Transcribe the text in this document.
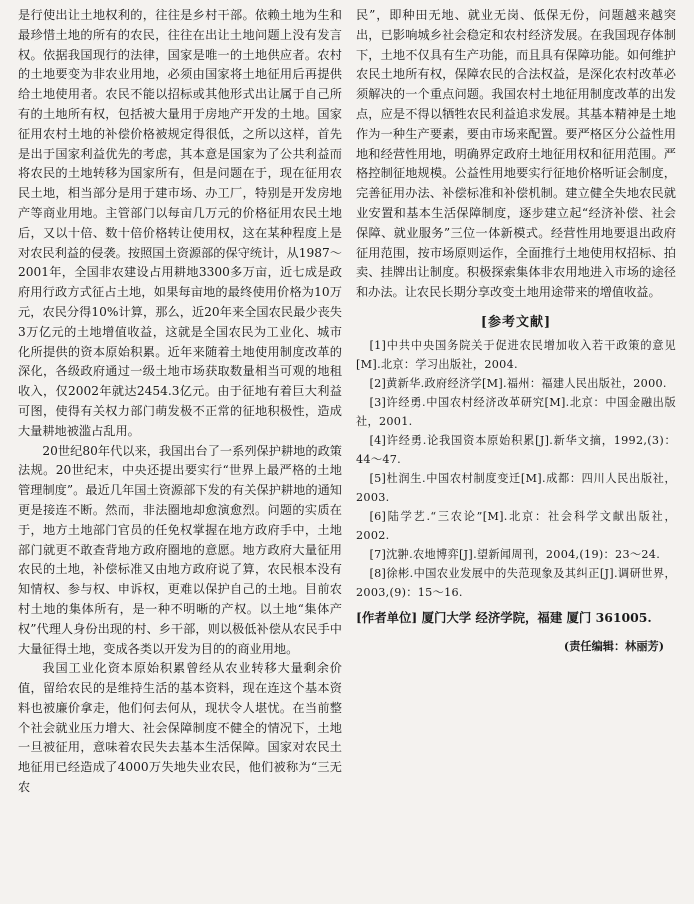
是行使出让土地权利的，往往是乡村干部。依赖土地为生和最珍惜土地的所有的农民，往往在出让土地问题上没有发言权。依据我国现行的法律，国家是唯一的土地供应者。农村的土地要变为非农业用地，必须由国家将土地征用后再提供给土地使用者。农民不能以招标或其他形式出让属于自己所有的土地所有权，包括被大量用于房地产开发的土地。国家征用农村土地的补偿价格被规定得很低，之所以这样，首先是出于国家利益优先的考虑，其本意是国家为了公共利益而将农民的土地转移为国家所有，但是问题在于，现在征用农民土地，相当部分是用于建市场、办工厂，特别是开发房地产等商业用地。主管部门以每亩几万元的价格征用农民土地后，又以十倍、数十倍价格转让使用权，这在某种程度上是对农民利益的侵袭。按照国土资源部的保守统计，从1987～2001年，全国非农建设占用耕地3300多万亩，近七成是政府用行政方式征占土地，如果每亩地的最终使用价格为10万元，农民分得10%计算，那么，近20年来全国农民最少丧失3万亿元的土地增值收益，这就是全国农民为工业化、城市化所提供的资本原始积累。近年来随着土地使用制度改革的深化，各级政府通过一级土地市场获取数量相当可观的地租收入，仅2002年就达2454.3亿元。由于征地有着巨大利益可图，使得有关权力部门萌发极不正常的征地积极性，造成大量耕地被滥占乱用。

20世纪80年代以来，我国出台了一系列保护耕地的政策法规。20世纪末，中央还提出要实行“世界上最严格的土地管理制度”。最近几年国土资源部下发的有关保护耕地的通知更是接连不断。然而，非法圈地却愈演愈烈。问题的实质在于，地方土地部门官员的任免权掌握在地方政府手中，土地部门就更不敢查背地方政府圈地的意愿。地方政府大量征用农民的土地，补偿标准又由地方政府说了算，农民根本没有知情权、参与权、申诉权，更难以保护自己的土地。目前农村土地的集体所有，是一种不明晰的产权。以土地“集体产权”代理人身份出现的村、乡干部，则以极低补偿从农民手中大量征得土地，变成各类以开发为目的的商业用地。

我国工业化资本原始积累曾经从农业转移大量剩余价值，留给农民的是维持生活的基本资料，现在连这个基本资料也被廉价拿走，他们何去何从，现状令人堪忧。在当前整个社会就业压力增大、社会保障制度不健全的情况下，土地一旦被征用，意味着农民失去基本生活保障。国家对农民土地征用已经造成了4000万失地失业农民，他们被称为“三无农

民”，即种田无地、就业无岗、低保无份，问题越来越突出，已影响城乡社会稳定和农村经济发展。在我国现存体制下，土地不仅具有生产功能，而且具有保障功能。如何维护农民土地所有权，保障农民的合法权益，是深化农村改革必须解决的一个重点问题。我国农村土地征用制度改革的出发点，应是不得以牺牲农民利益追求发展。其基本精神是土地作为一种生产要素，要由市场来配置。要严格区分公益性用地和经营性用地，明确界定政府土地征用权和征用范围。严格控制征地规模。公益性用地要实行征地价格听证会制度，完善征用办法、补偿标准和补偿机制。建立健全失地农民就业安置和基本生活保障制度，逐步建立起“经济补偿、社会保障、就业服务”三位一体新模式。经营性用地要退出政府征用范围，按市场原则运作，全面推行土地使用权招标、拍卖、挂牌出让制度。积极探索集体非农用地进入市场的途径和办法。让农民长期分享改变土地用途带来的增值收益。

[参考文献]
[1]中共中央国务院关于促进农民增加收入若干政策的意见[M].北京：学习出版社，2004.
[2]黄新华.政府经济学[M].福州：福建人民出版社，2000.
[3]许经勇.中国农村经济改革研究[M].北京：中国金融出版社，2001.
[4]许经勇.论我国资本原始积累[J].新华文摘，1992,(3)：44～47.
[5]杜润生.中国农村制度变迁[M].成都：四川人民出版社，2003.
[6]陆学艺.“三农论”[M].北京：社会科学文献出版社，2002.
[7]沈翀.农地博弈[J].望新闻周刊，2004,(19)：23～24.
[8]徐彬.中国农业发展中的失范现象及其纠正[J].调研世界，2003,(9)：15～16.
[作者单位] 厦门大学 经济学院，福建 厦门 361005.
(责任编辑：林丽芳)
